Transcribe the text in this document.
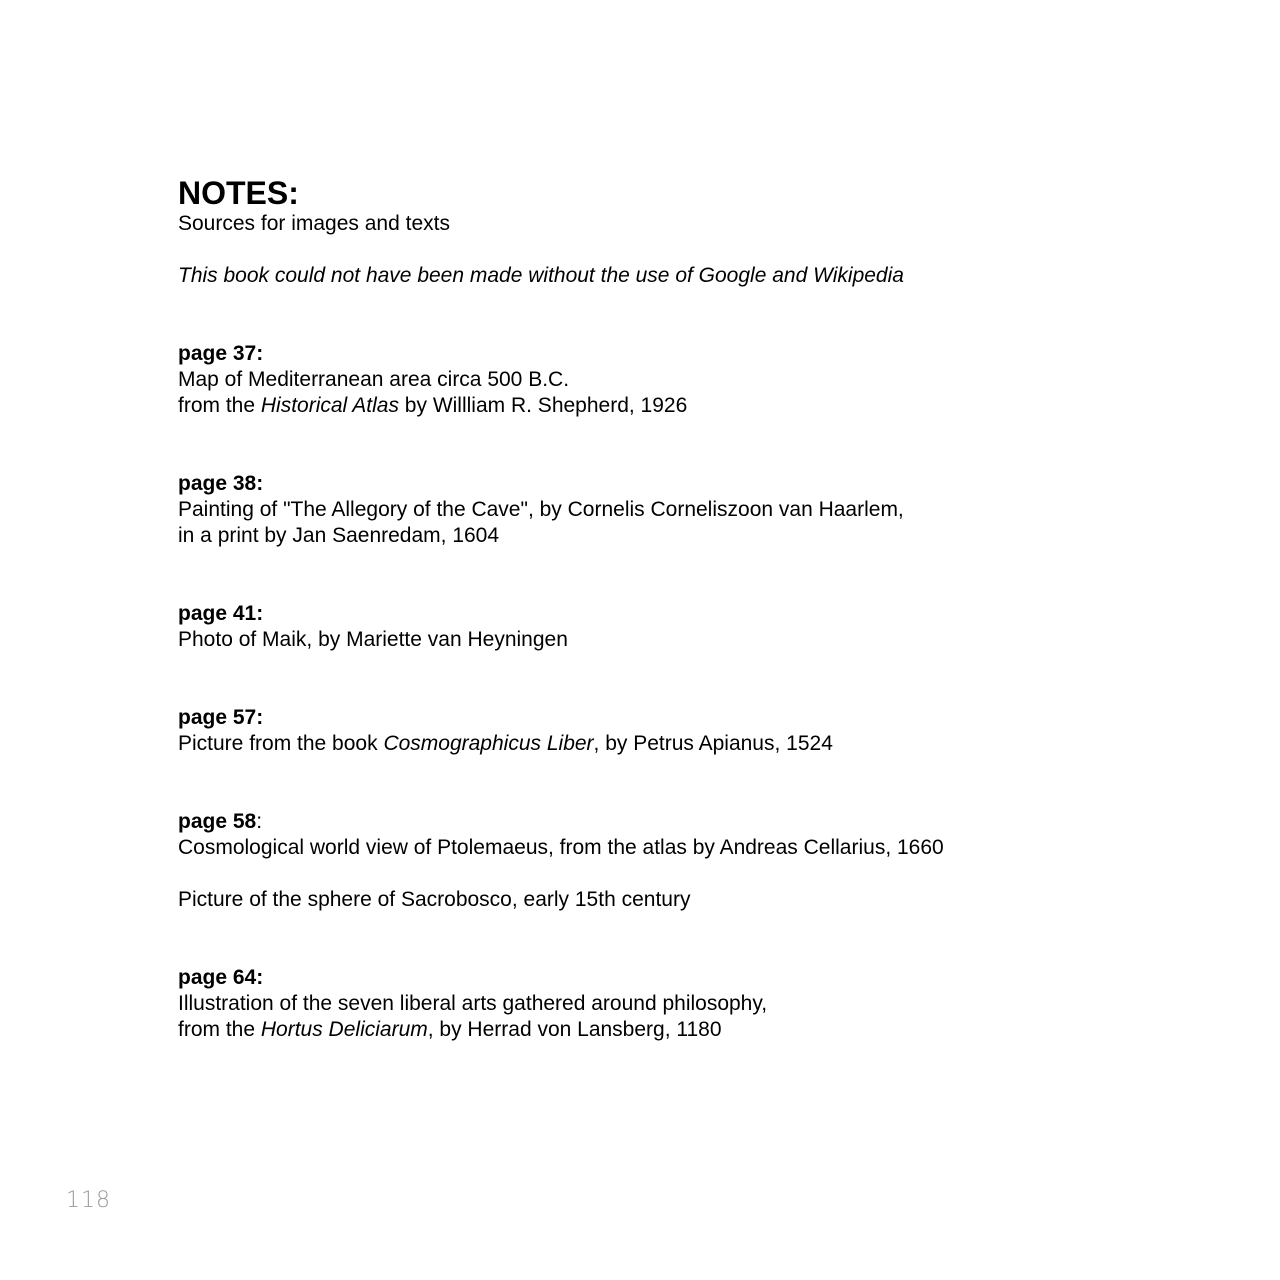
NOTES:

Sources for images and texts

This book could not have been made without the use of Google and Wikipedia

page 37:
Map of Mediterranean area circa 500 B.C.
from the Historical Atlas by Willliam R. Shepherd, 1926
page 38:
Painting of "The Allegory of the Cave", by Cornelis Corneliszoon van Haarlem,
in a print by Jan Saenredam, 1604
page 41:
Photo of Maik, by Mariette van Heyningen
page 57:
Picture from the book Cosmographicus Liber, by Petrus Apianus, 1524
page 58:
Cosmological world view of Ptolemaeus, from the atlas by Andreas Cellarius, 1660
Picture of the sphere of Sacrobosco, early 15th century
page 64:
Illustration of the seven liberal arts gathered around philosophy,
from the Hortus Deliciarum, by Herrad von Lansberg, 1180
118
